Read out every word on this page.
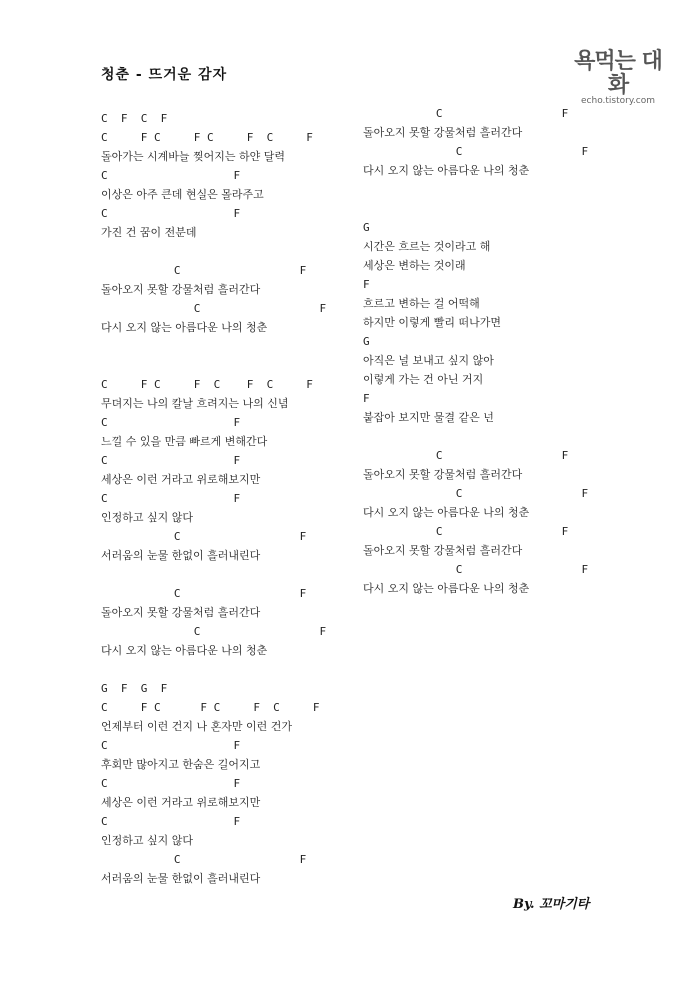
청춘 - 뜨거운 감자
욕먹는 대화
echo.tistory.com
C  F  C  F
C     F C     F C     F  C     F
돌아가는 시계바늘 찢어지는 하얀 달력
C                   F
이상은 아주 큰데 현실은 몰라주고
C                   F
가진 건 꿈이 전분데
C                  F
돌아오지 못할 강물처럼 흘러간다
C                  F
다시 오지 않는 아름다운 나의 청춘
C     F C     F  C    F  C     F
무뎌지는 나의 칼날 흐려지는 나의 신념
C                   F
느낄 수 있을 만큼 빠르게 변해간다
C                   F
세상은 이런 거라고 위로해보지만
C                   F
인정하고 싶지 않다
C                  F
서러움의 눈물 한없이 흘러내린다
C                  F
돌아오지 못할 강물처럼 흘러간다
C                  F
다시 오지 않는 아름다운 나의 청춘
G  F  G  F
C     F C      F C     F  C     F
언제부터 이런 건지 나 혼자만 이런 건가
C                   F
후회만 많아지고 한숨은 길어지고
C                   F
세상은 이런 거라고 위로해보지만
C                   F
인정하고 싶지 않다
C                  F
서러움의 눈물 한없이 흘러내린다
C                  F
돌아오지 못할 강물처럼 흘러간다
C                  F
다시 오지 않는 아름다운 나의 청춘
G
시간은 흐르는 것이라고 해
세상은 변하는 것이래
F
흐르고 변하는 걸 어떡해
하지만 이렇게 빨리 떠나가면
G
아직은 널 보내고 싶지 않아
이렇게 가는 건 아닌 거지
F
붙잡아 보지만 물결 같은 넌
C                  F
돌아오지 못할 강물처럼 흘러간다
C                  F
다시 오지 않는 아름다운 나의 청춘
C                  F
돌아오지 못할 강물처럼 흘러간다
C                  F
다시 오지 않는 아름다운 나의 청춘
By. 꼬마기타
